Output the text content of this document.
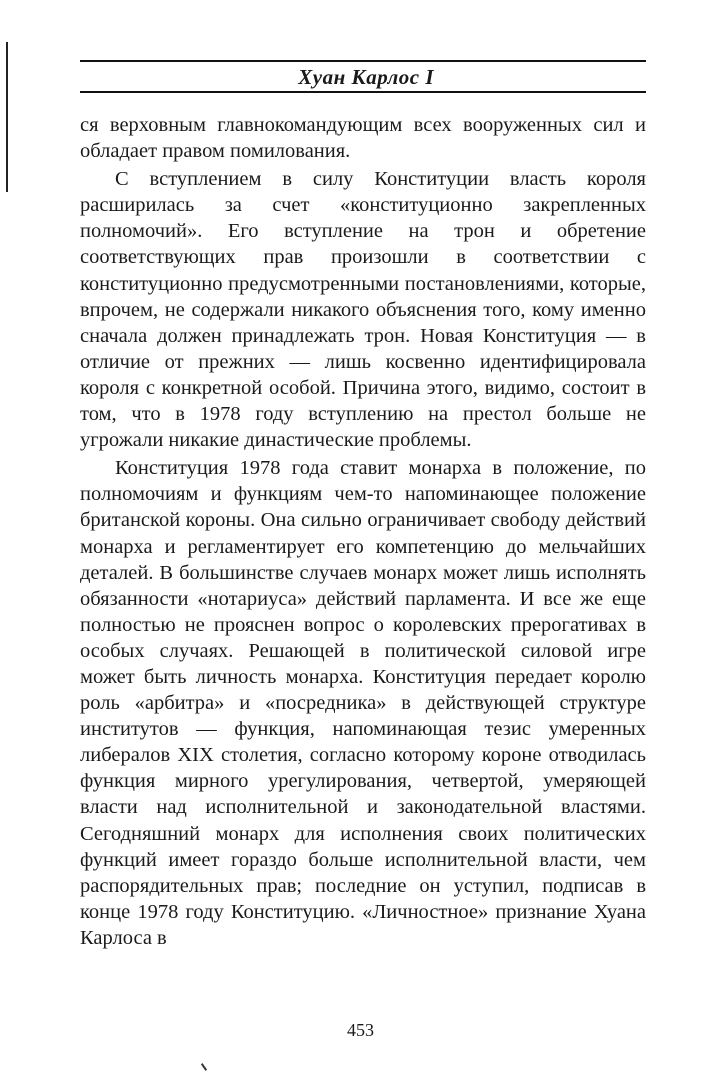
Хуан Карлос I

ся верховным главнокомандующим всех вооруженных сил и обладает правом помилования.

С вступлением в силу Конституции власть короля расширилась за счет «конституционно закрепленных полномочий». Его вступление на трон и обретение соответствующих прав произошли в соответствии с конституционно предусмотренными постановлениями, которые, впрочем, не содержали никакого объяснения того, кому именно сначала должен принадлежать трон. Новая Конституция — в отличие от прежних — лишь косвенно идентифицировала короля с конкретной особой. Причина этого, видимо, состоит в том, что в 1978 году вступлению на престол больше не угрожали никакие династические проблемы.

Конституция 1978 года ставит монарха в положение, по полномочиям и функциям чем-то напоминающее положение британской короны. Она сильно ограничивает свободу действий монарха и регламентирует его компетенцию до мельчайших деталей. В большинстве случаев монарх может лишь исполнять обязанности «нотариуса» действий парламента. И все же еще полностью не прояснен вопрос о королевских прерогативах в особых случаях. Решающей в политической силовой игре может быть личность монарха. Конституция передает королю роль «арбитра» и «посредника» в действующей структуре институтов — функция, напоминающая тезис умеренных либералов XIX столетия, согласно которому короне отводилась функция мирного урегулирования, четвертой, умеряющей власти над исполнительной и законодательной властями. Сегодняшний монарх для исполнения своих политических функций имеет гораздо больше исполнительной власти, чем распорядительных прав; последние он уступил, подписав в конце 1978 году Конституцию. «Личностное» признание Хуана Карлоса в

453
